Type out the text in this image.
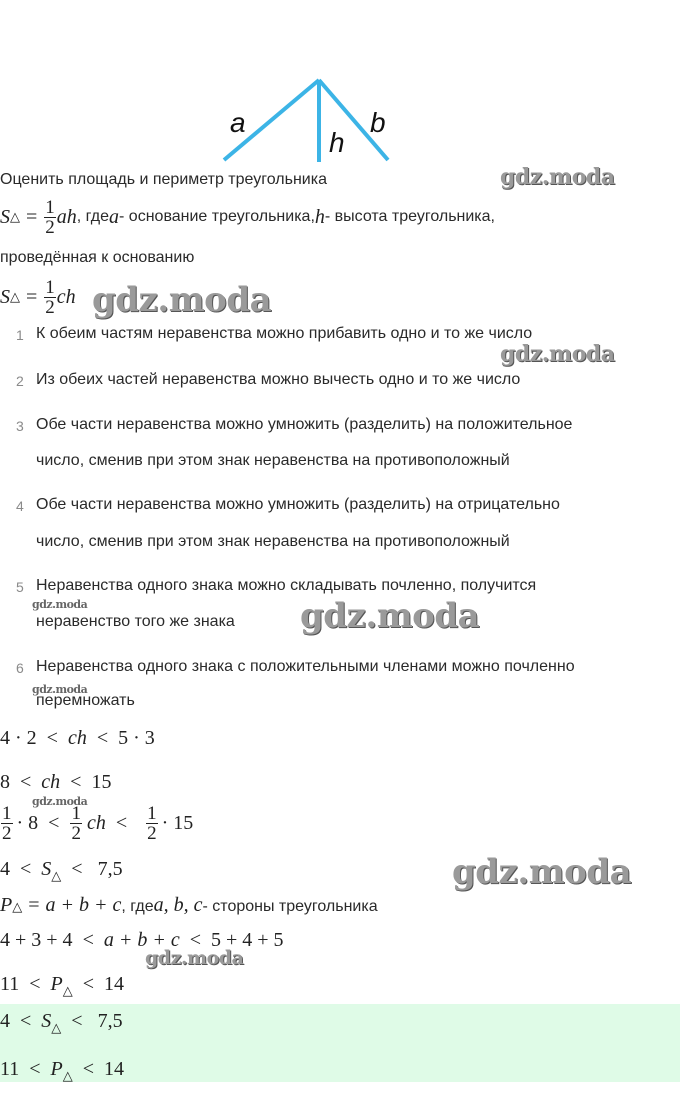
a
h
b
Оценить площадь и периметр треугольника
S △ = $\frac{1}{2}$ ah , где a - основание треугольника, h - высота треугольника,
проведённая к основанию
S △ = $\frac{1}{2}$ ch
1 К обеим частям неравенства можно прибавить одно и то же число
2 Из обеих частей неравенства можно вычесть одно и то же число
3 Обе части неравенства можно умножить (разделить) на положительное
число, сменив при этом знак неравенства на противоположный
4 Обе части неравенства можно умножить (разделить) на отрицательно
число, сменив при этом знак неравенства на противоположный
5 Неравенства одного знака можно складывать почленно, получится
неравенство того же знака
6 Неравенства одного знака с положительными членами можно почленно
перемножать
4 · 2 < ch < 5 · 3
8 < ch < 15
$\frac{1}{2} \cdot 8 < \frac{1}{2}$ ch < $\frac{1}{2} \cdot 15$
$4 < S_\triangle < 7,5$
P △ = a + b + c , где a, b, c - стороны треугольника
4 + 3 + 4 < a + b + c < 5 + 4 + 5
$11 < P_\triangle < 14$
$4 < S_\triangle < 7,5$
$11 < P_\triangle < 14$
gdz.moda
gdz.moda
gdz.moda
gdz.moda	gdz.moda
gdz.moda
gdz.moda
gdz.moda
gdz.moda
